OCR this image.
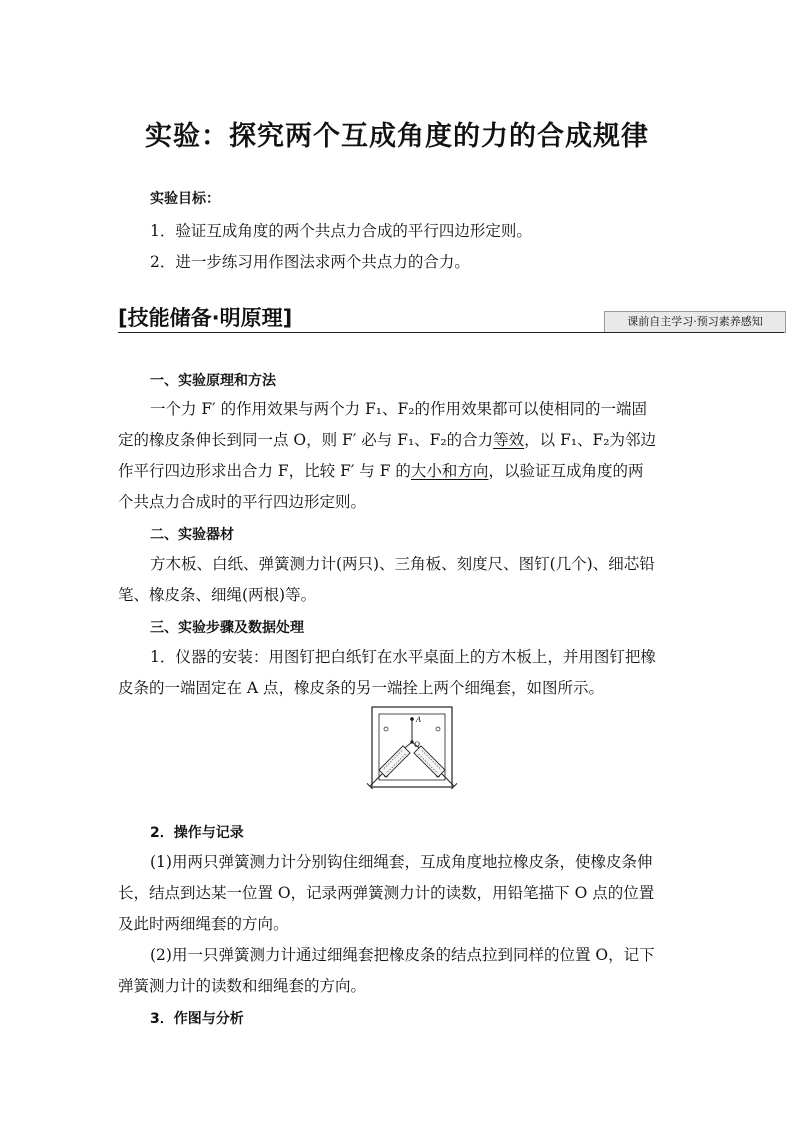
实验：探究两个互成角度的力的合成规律
实验目标：
1．验证互成角度的两个共点力合成的平行四边形定则。
2．进一步练习用作图法求两个共点力的合力。
[技能储备·明原理]	课前自主学习·预习素养感知
一、实验原理和方法
一个力 F′ 的作用效果与两个力 F₁、F₂的作用效果都可以使相同的一端固
定的橡皮条伸长到同一点 O，则 F′ 必与 F₁、F₂的合力等效，以 F₁、F₂为邻边
作平行四边形求出合力 F，比较 F′ 与 F 的大小和方向，以验证互成角度的两
个共点力合成时的平行四边形定则。
二、实验器材
方木板、白纸、弹簧测力计(两只)、三角板、刻度尺、图钉(几个)、细芯铅
笔、橡皮条、细绳(两根)等。
三、实验步骤及数据处理
1．仪器的安装：用图钉把白纸钉在水平桌面上的方木板上，并用图钉把橡
皮条的一端固定在 A 点，橡皮条的另一端拴上两个细绳套，如图所示。
A
O
2．操作与记录
(1)用两只弹簧测力计分别钩住细绳套，互成角度地拉橡皮条，使橡皮条伸
长，结点到达某一位置 O，记录两弹簧测力计的读数，用铅笔描下 O 点的位置
及此时两细绳套的方向。
(2)用一只弹簧测力计通过细绳套把橡皮条的结点拉到同样的位置 O，记下
弹簧测力计的读数和细绳套的方向。
3．作图与分析
